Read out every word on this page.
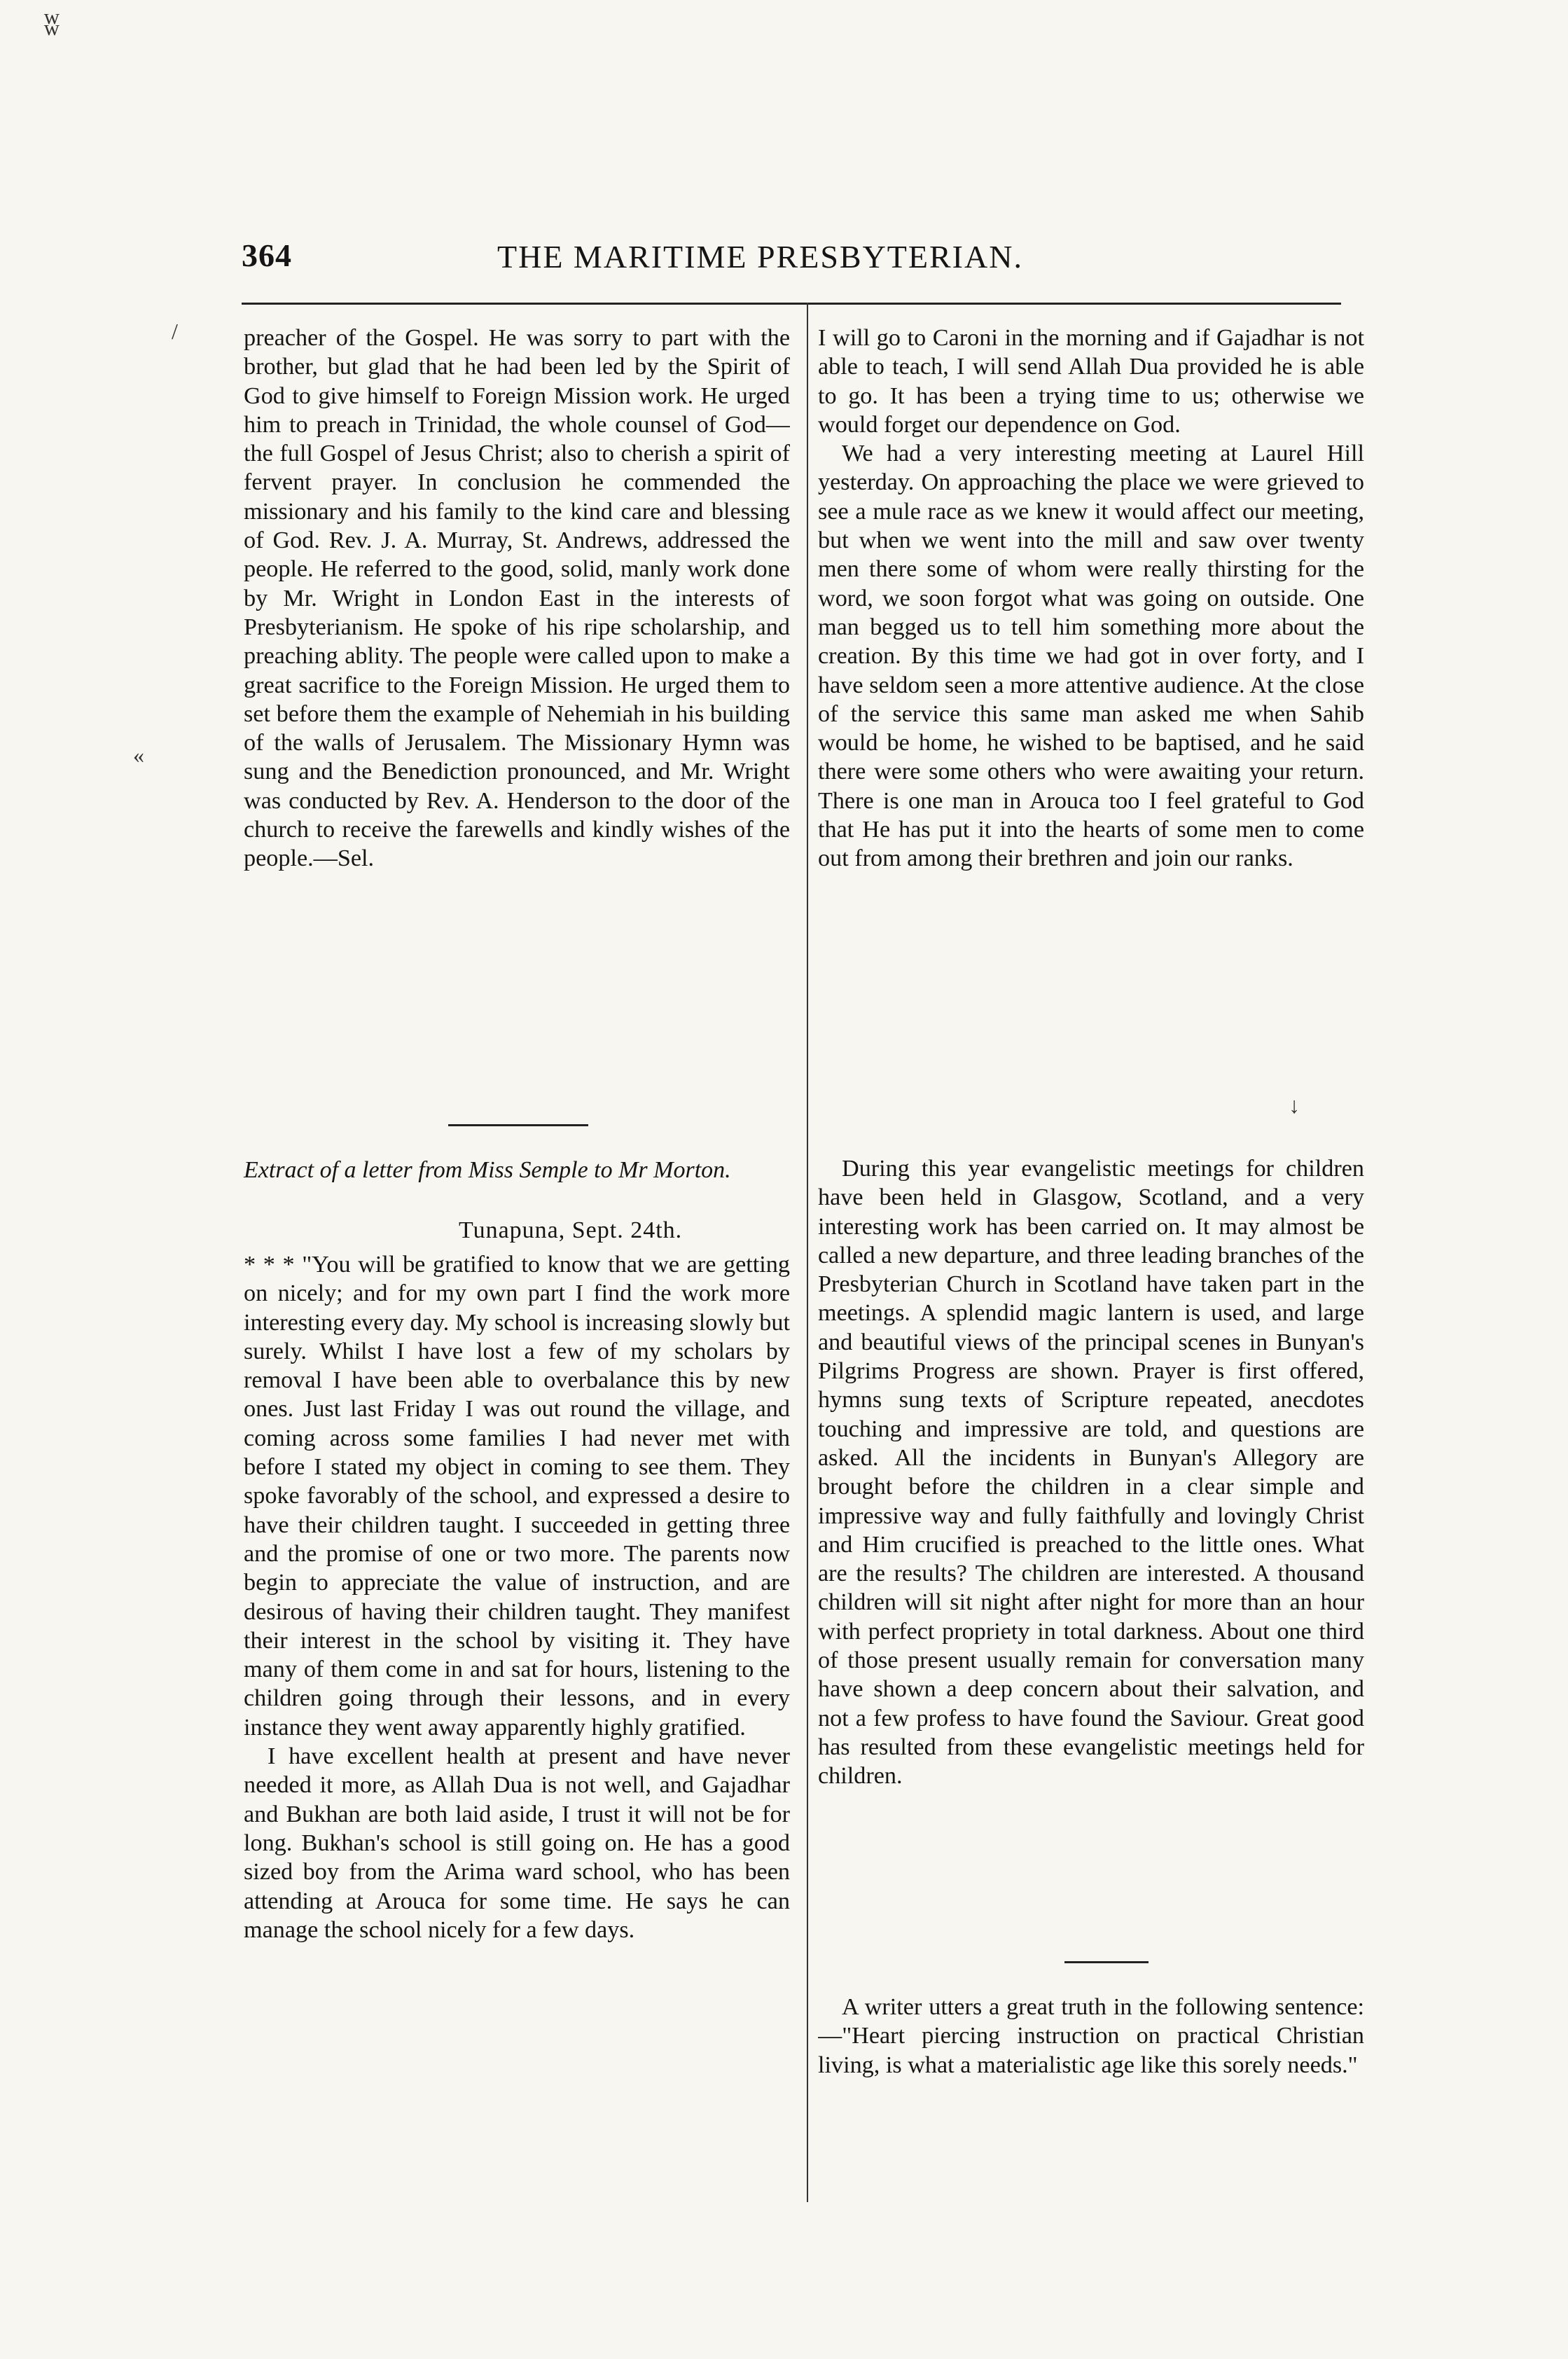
364	THE MARITIME PRESBYTERIAN.

preacher of the Gospel. He was sorry to part with the brother, but glad that he had been led by the Spirit of God to give himself to Foreign Mission work. He urged him to preach in Trinidad, the whole counsel of God—the full Gospel of Jesus Christ; also to cherish a spirit of fervent prayer. In conclusion he commended the missionary and his family to the kind care and blessing of God. Rev. J. A. Murray, St. Andrews, addressed the people. He referred to the good, solid, manly work done by Mr. Wright in London East in the interests of Presbyterianism. He spoke of his ripe scholarship, and preaching ablity. The people were called upon to make a great sacrifice to the Foreign Mission. He urged them to set before them the example of Nehemiah in his building of the walls of Jerusalem. The Missionary Hymn was sung and the Benediction pronounced, and Mr. Wright was conducted by Rev. A. Henderson to the door of the church to receive the farewells and kindly wishes of the people.—Sel.

Extract of a letter from Miss Semple to Mr Morton.
Tunapuna, Sept. 24th.

* * * "You will be gratified to know that we are getting on nicely; and for my own part I find the work more interesting every day. My school is increasing slowly but surely. Whilst I have lost a few of my scholars by removal I have been able to overbalance this by new ones. Just last Friday I was out round the village, and coming across some families I had never met with before I stated my object in coming to see them. They spoke favorably of the school, and expressed a desire to have their children taught. I succeeded in getting three and the promise of one or two more. The parents now begin to appreciate the value of instruction, and are desirous of having their children taught. They manifest their interest in the school by visiting it. They have many of them come in and sat for hours, listening to the children going through their lessons, and in every instance they went away apparently highly gratified.

I have excellent health at present and have never needed it more, as Allah Dua is not well, and Gajadhar and Bukhan are both laid aside, I trust it will not be for long. Bukhan's school is still going on. He has a good sized boy from the Arima ward school, who has been attending at Arouca for some time. He says he can manage the school nicely for a few days.

I will go to Caroni in the morning and if Gajadhar is not able to teach, I will send Allah Dua provided he is able to go. It has been a trying time to us; otherwise we would forget our dependence on God.

We had a very interesting meeting at Laurel Hill yesterday. On approaching the place we were grieved to see a mule race as we knew it would affect our meeting, but when we went into the mill and saw over twenty men there some of whom were really thirsting for the word, we soon forgot what was going on outside. One man begged us to tell him something more about the creation. By this time we had got in over forty, and I have seldom seen a more attentive audience. At the close of the service this same man asked me when Sahib would be home, he wished to be baptised, and he said there were some others who were awaiting your return. There is one man in Arouca too I feel grateful to God that He has put it into the hearts of some men to come out from among their brethren and join our ranks.

During this year evangelistic meetings for children have been held in Glasgow, Scotland, and a very interesting work has been carried on. It may almost be called a new departure, and three leading branches of the Presbyterian Church in Scotland have taken part in the meetings. A splendid magic lantern is used, and large and beautiful views of the principal scenes in Bunyan's Pilgrims Progress are shown. Prayer is first offered, hymns sung texts of Scripture repeated, anecdotes touching and impressive are told, and questions are asked. All the incidents in Bunyan's Allegory are brought before the children in a clear simple and impressive way and fully faithfully and lovingly Christ and Him crucified is preached to the little ones. What are the results? The children are interested. A thousand children will sit night after night for more than an hour with perfect propriety in total darkness. About one third of those present usually remain for conversation many have shown a deep concern about their salvation, and not a few profess to have found the Saviour. Great good has resulted from these evangelistic meetings held for children.

A writer utters a great truth in the following sentence:—"Heart piercing instruction on practical Christian living, is what a materialistic age like this sorely needs."

ʬ
/
«
↓
